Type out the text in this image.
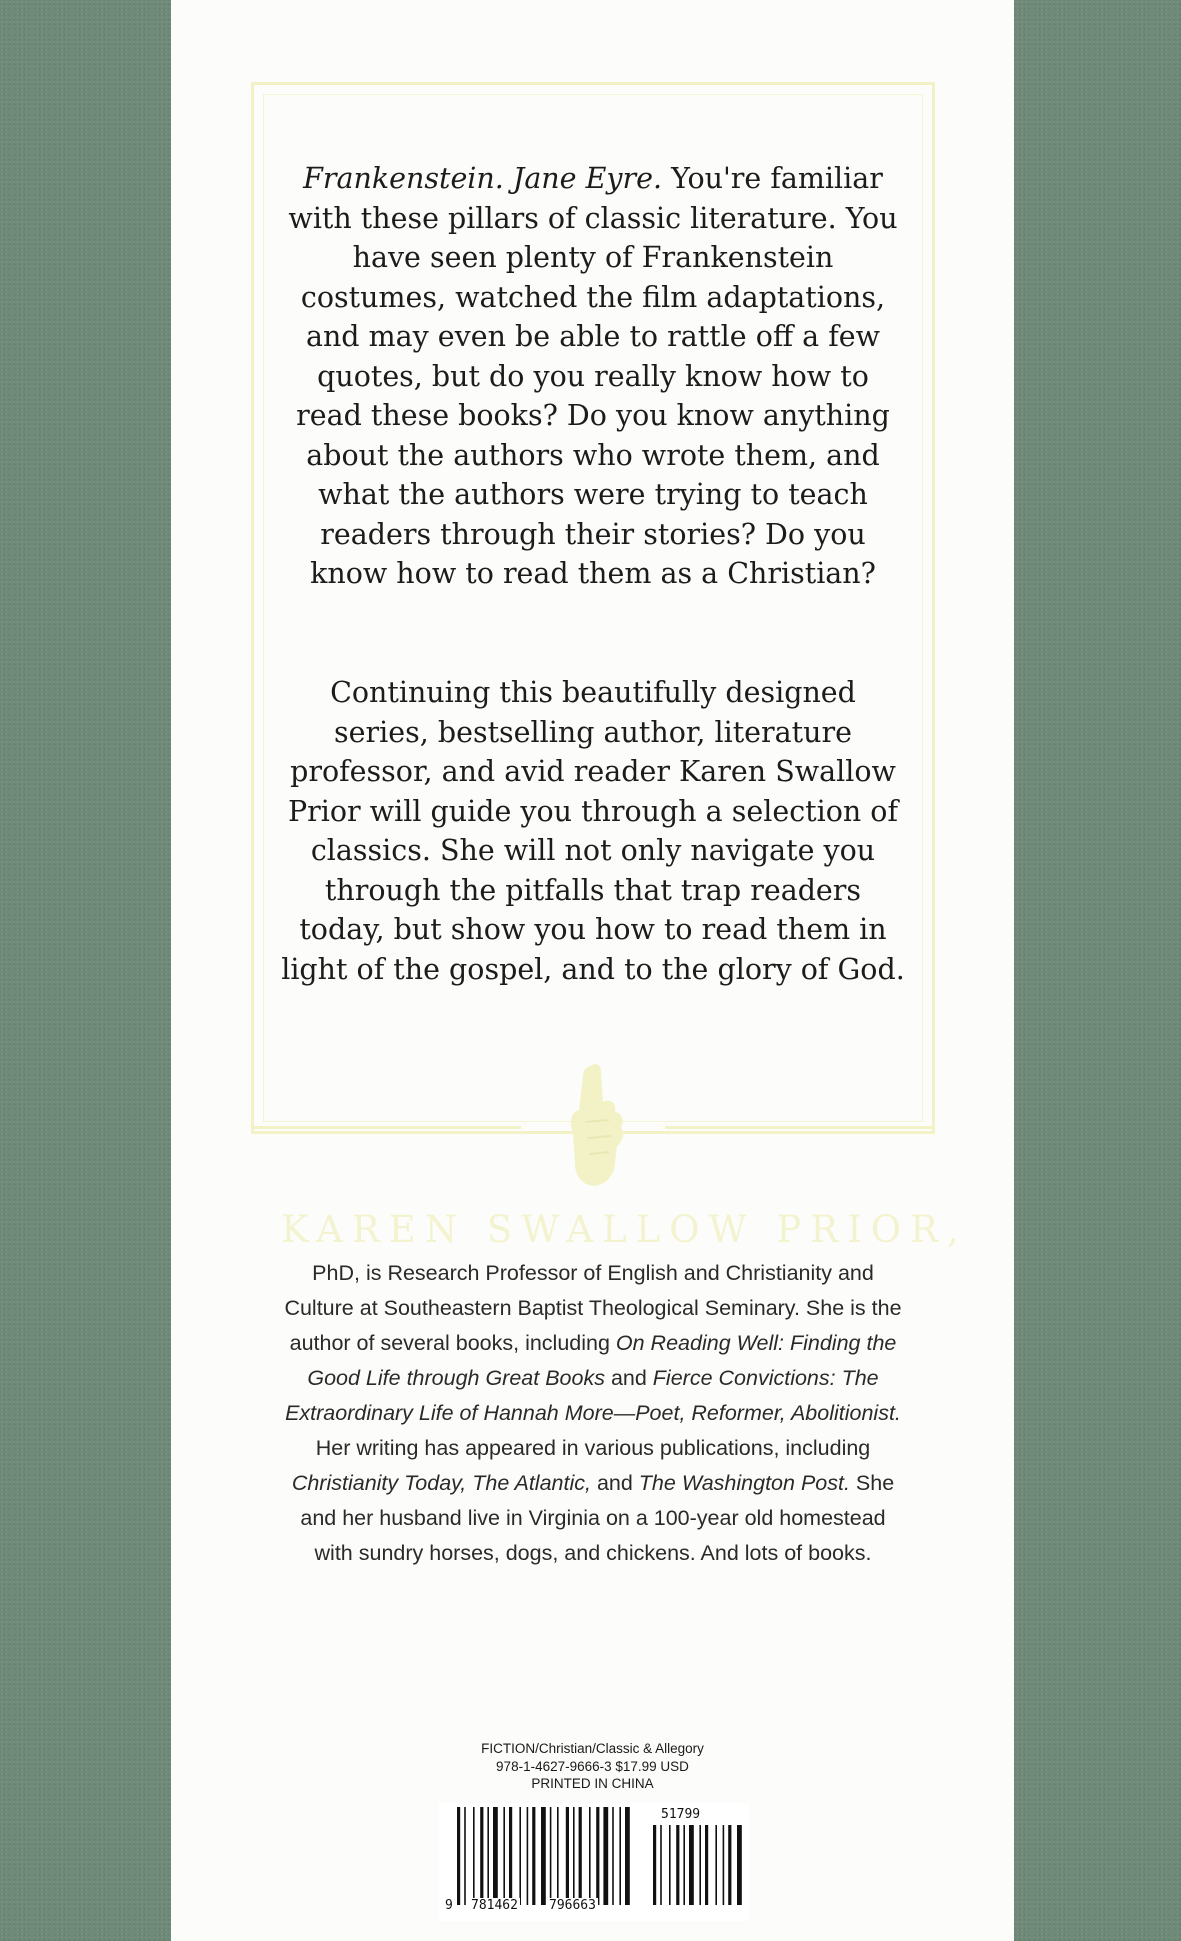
Frankenstein. Jane Eyre. You're familiar with these pillars of classic literature. You have seen plenty of Frankenstein costumes, watched the film adaptations, and may even be able to rattle off a few quotes, but do you really know how to read these books? Do you know anything about the authors who wrote them, and what the authors were trying to teach readers through their stories? Do you know how to read them as a Christian?

Continuing this beautifully designed series, bestselling author, literature professor, and avid reader Karen Swallow Prior will guide you through a selection of classics. She will not only navigate you through the pitfalls that trap readers today, but show you how to read them in light of the gospel, and to the glory of God.

KAREN SWALLOW PRIOR,

PhD, is Research Professor of English and Christianity and Culture at Southeastern Baptist Theological Seminary. She is the author of several books, including On Reading Well: Finding the Good Life through Great Books and Fierce Convictions: The Extraordinary Life of Hannah More—Poet, Reformer, Abolitionist. Her writing has appeared in various publications, including Christianity Today, The Atlantic, and The Washington Post. She and her husband live in Virginia on a 100-year old homestead with sundry horses, dogs, and chickens. And lots of books.

FICTION/Christian/Classic & Allegory
978-1-4627-9666-3 $17.99 USD
PRINTED IN CHINA
9 781462 796663
51799
